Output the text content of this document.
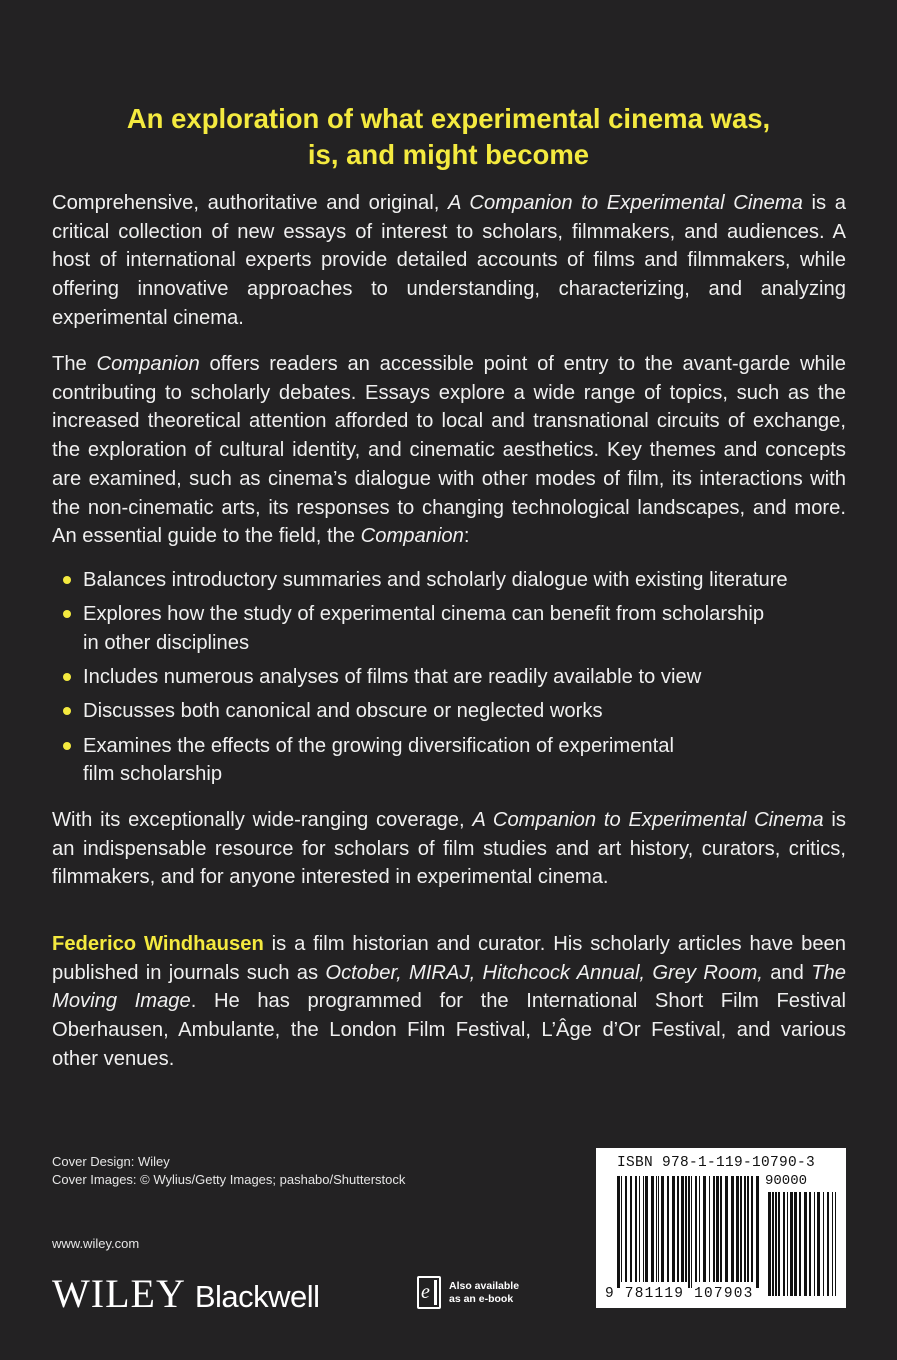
An exploration of what experimental cinema was,
is, and might become

Comprehensive, authoritative and original, A Companion to Experimental Cinema is a critical collection of new essays of interest to scholars, filmmakers, and audiences. A host of international experts provide detailed accounts of films and filmmakers, while offering innovative approaches to understanding, characterizing, and analyzing experimental cinema.

The Companion offers readers an accessible point of entry to the avant-garde while contributing to scholarly debates. Essays explore a wide range of topics, such as the increased theoretical attention afforded to local and transnational circuits of exchange, the exploration of cultural identity, and cinematic aesthetics. Key themes and concepts are examined, such as cinema’s dialogue with other modes of film, its interactions with the non-cinematic arts, its responses to changing technological landscapes, and more. An essential guide to the field, the Companion:

Balances introductory summaries and scholarly dialogue with existing literature
Explores how the study of experimental cinema can benefit from scholarship
in other disciplines
Includes numerous analyses of films that are readily available to view
Discusses both canonical and obscure or neglected works
Examines the effects of the growing diversification of experimental
film scholarship

With its exceptionally wide-ranging coverage, A Companion to Experimental Cinema is an indispensable resource for scholars of film studies and art history, curators, critics, filmmakers, and for anyone interested in experimental cinema.

Federico Windhausen is a film historian and curator. His scholarly articles have been published in journals such as October, MIRAJ, Hitchcock Annual, Grey Room, and The Moving Image. He has programmed for the International Short Film Festival Oberhausen, Ambulante, the London Film Festival, L’Âge d’Or Festival, and various other venues.

Cover Design: Wiley
Cover Images: © Wylius/Getty Images; pashabo/Shutterstock
www.wiley.com
WILEY Blackwell	e Also available
as an e-book
ISBN 978-1-119-10790-3
90000
9 781119 107903
